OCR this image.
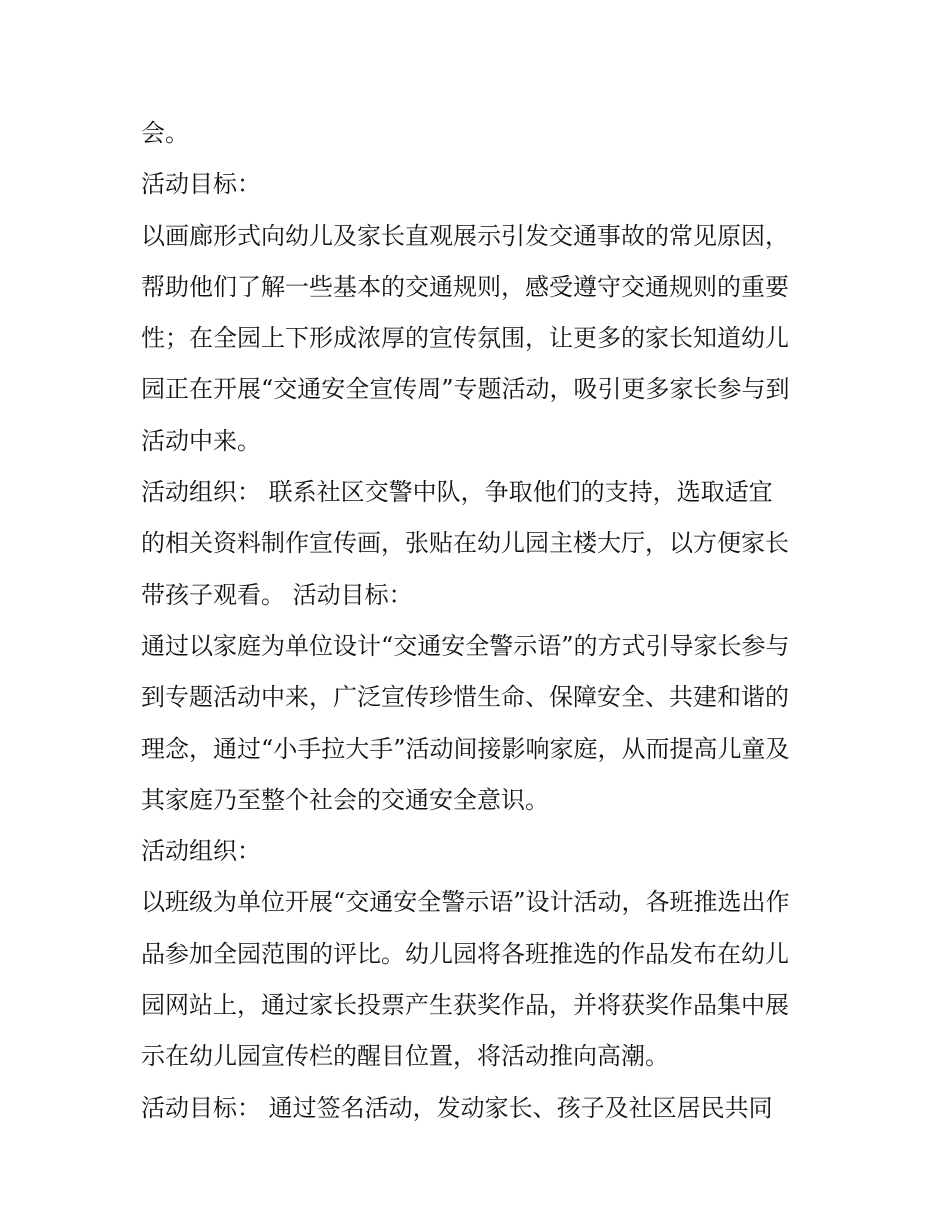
会。
活动目标：
以画廊形式向幼儿及家长直观展示引发交通事故的常见原因，
帮助他们了解一些基本的交通规则，感受遵守交通规则的重要
性；在全园上下形成浓厚的宣传氛围，让更多的家长知道幼儿
园正在开展“交通安全宣传周”专题活动，吸引更多家长参与到
活动中来。
活动组织： 联系社区交警中队，争取他们的支持，选取适宜
的相关资料制作宣传画，张贴在幼儿园主楼大厅，以方便家长
带孩子观看。 活动目标：
通过以家庭为单位设计“交通安全警示语”的方式引导家长参与
到专题活动中来，广泛宣传珍惜生命、保障安全、共建和谐的
理念，通过“小手拉大手”活动间接影响家庭，从而提高儿童及
其家庭乃至整个社会的交通安全意识。
活动组织：
以班级为单位开展“交通安全警示语”设计活动，各班推选出作
品参加全园范围的评比。幼儿园将各班推选的作品发布在幼儿
园网站上，通过家长投票产生获奖作品，并将获奖作品集中展
示在幼儿园宣传栏的醒目位置，将活动推向高潮。
活动目标： 通过签名活动，发动家长、孩子及社区居民共同
